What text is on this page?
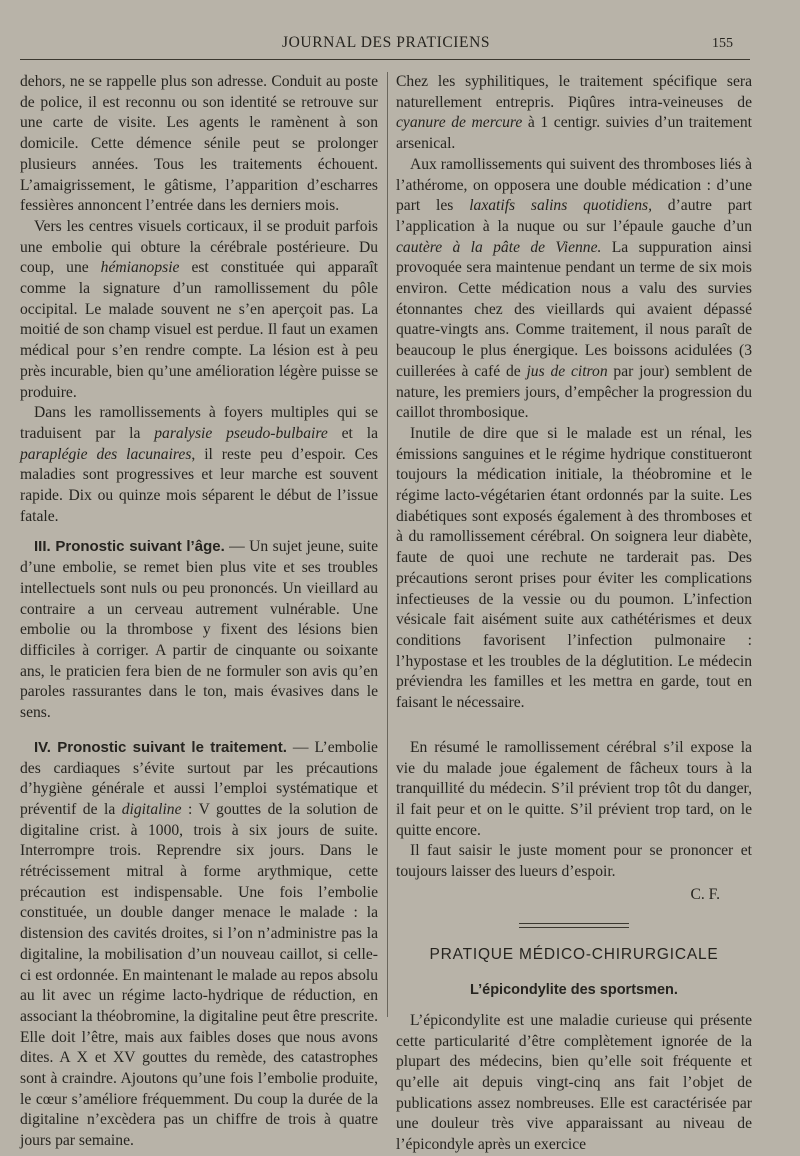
JOURNAL DES PRATICIENS	155

dehors, ne se rappelle plus son adresse. Conduit au poste de police, il est reconnu ou son identité se retrouve sur une carte de visite. Les agents le ramènent à son domicile. Cette démence sénile peut se prolonger plusieurs années. Tous les traitements échouent. L’amaigrissement, le gâtisme, l’apparition d’escharres fessières annoncent l’entrée dans les derniers mois.

Vers les centres visuels corticaux, il se produit parfois une embolie qui obture la cérébrale postérieure. Du coup, une hémianopsie est constituée qui apparaît comme la signature d’un ramollissement du pôle occipital. Le malade souvent ne s’en aperçoit pas. La moitié de son champ visuel est perdue. Il faut un examen médical pour s’en rendre compte. La lésion est à peu près incurable, bien qu’une amélioration légère puisse se produire.

Dans les ramollissements à foyers multiples qui se traduisent par la paralysie pseudo-bulbaire et la paraplégie des lacunaires, il reste peu d’espoir. Ces maladies sont progressives et leur marche est souvent rapide. Dix ou quinze mois séparent le début de l’issue fatale.

III. Pronostic suivant l’âge. — Un sujet jeune, suite d’une embolie, se remet bien plus vite et ses troubles intellectuels sont nuls ou peu prononcés. Un vieillard au contraire a un cerveau autrement vulnérable. Une embolie ou la thrombose y fixent des lésions bien difficiles à corriger. A partir de cinquante ou soixante ans, le praticien fera bien de ne formuler son avis qu’en paroles rassurantes dans le ton, mais évasives dans le sens.

IV. Pronostic suivant le traitement. — L’embolie des cardiaques s’évite surtout par les précautions d’hygiène générale et aussi l’emploi systématique et préventif de la digitaline : V gouttes de la solution de digitaline crist. à 1000, trois à six jours de suite. Interrompre trois. Reprendre six jours. Dans le rétrécissement mitral à forme arythmique, cette précaution est indispensable. Une fois l’embolie constituée, un double danger menace le malade : la distension des cavités droites, si l’on n’administre pas la digitaline, la mobilisation d’un nouveau caillot, si celle-ci est ordonnée. En maintenant le malade au repos absolu au lit avec un régime lacto-hydrique de réduction, en associant la théobromine, la digitaline peut être prescrite. Elle doit l’être, mais aux faibles doses que nous avons dites. A X et XV gouttes du remède, des catastrophes sont à craindre. Ajoutons qu’une fois l’embolie produite, le cœur s’améliore fréquemment. Du coup la durée de la digitaline n’excèdera pas un chiffre de trois à quatre jours par semaine.

Chez les syphilitiques, le traitement spécifique sera naturellement entrepris. Piqûres intra-veineuses de cyanure de mercure à 1 centigr. suivies d’un traitement arsenical.

Aux ramollissements qui suivent des thromboses liés à l’athérome, on opposera une double médication : d’une part les laxatifs salins quotidiens, d’autre part l’application à la nuque ou sur l’épaule gauche d’un cautère à la pâte de Vienne. La suppuration ainsi provoquée sera maintenue pendant un terme de six mois environ. Cette médication nous a valu des survies étonnantes chez des vieillards qui avaient dépassé quatre-vingts ans. Comme traitement, il nous paraît de beaucoup le plus énergique. Les boissons acidulées (3 cuillerées à café de jus de citron par jour) semblent de nature, les premiers jours, d’empêcher la progression du caillot thrombosique.

Inutile de dire que si le malade est un rénal, les émissions sanguines et le régime hydrique constitueront toujours la médication initiale, la théobromine et le régime lacto-végétarien étant ordonnés par la suite. Les diabétiques sont exposés également à des thromboses et à du ramollissement cérébral. On soignera leur diabète, faute de quoi une rechute ne tarderait pas. Des précautions seront prises pour éviter les complications infectieuses de la vessie ou du poumon. L’infection vésicale fait aisément suite aux cathétérismes et deux conditions favorisent l’infection pulmonaire : l’hypostase et les troubles de la déglutition. Le médecin préviendra les familles et les mettra en garde, tout en faisant le nécessaire.

En résumé le ramollissement cérébral s’il expose la vie du malade joue également de fâcheux tours à la tranquillité du médecin. S’il prévient trop tôt du danger, il fait peur et on le quitte. S’il prévient trop tard, on le quitte encore.

Il faut saisir le juste moment pour se prononcer et toujours laisser des lueurs d’espoir.

C. F.
PRATIQUE MÉDICO-CHIRURGICALE
L’épicondylite des sportsmen.

L’épicondylite est une maladie curieuse qui présente cette particularité d’être complètement ignorée de la plupart des médecins, bien qu’elle soit fréquente et qu’elle ait depuis vingt-cinq ans fait l’objet de publications assez nombreuses. Elle est caractérisée par une douleur très vive apparaissant au niveau de l’épicondyle après un exercice
